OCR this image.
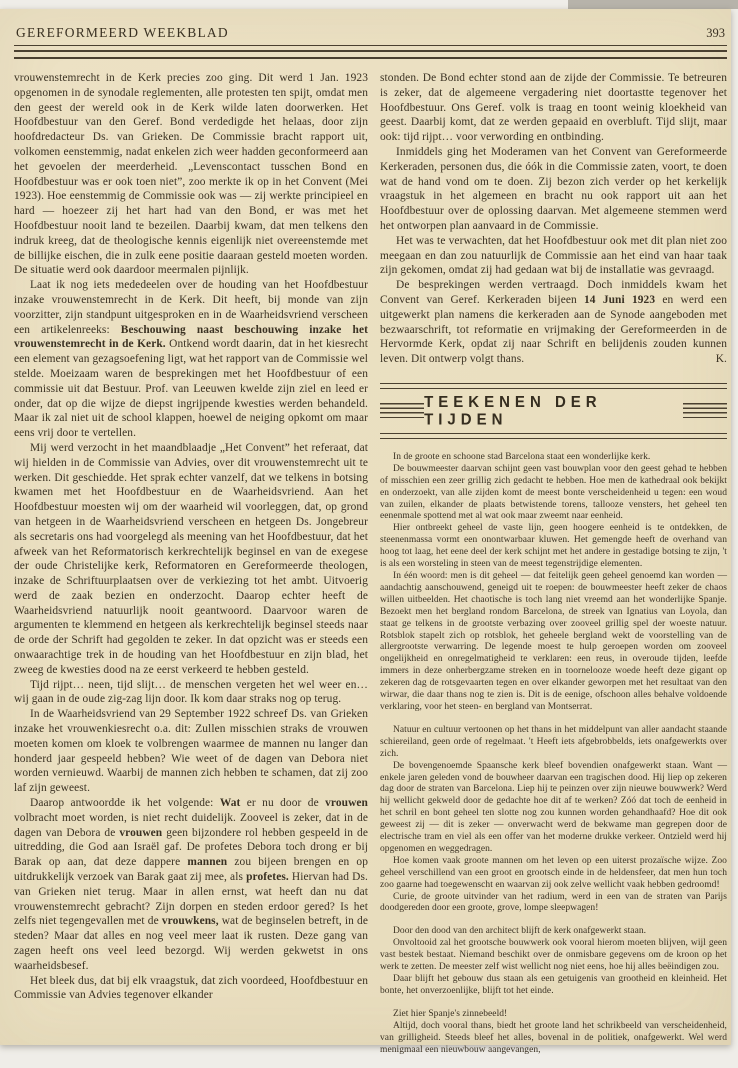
GEREFORMEERD WEEKBLAD	393

vrouwenstemrecht in de Kerk precies zoo ging. Dit werd 1 Jan. 1923 opgenomen in de synodale reglementen, alle protesten ten spijt, omdat men den geest der wereld ook in de Kerk wilde laten doorwerken. Het Hoofdbestuur van den Geref. Bond verdedigde het helaas, door zijn hoofdredacteur Ds. van Grieken. De Commissie bracht rapport uit, volkomen eenstemmig, nadat enkelen zich weer hadden geconformeerd aan het gevoelen der meerderheid. „Levenscontact tusschen Bond en Hoofdbestuur was er ook toen niet”, zoo merkte ik op in het Convent (Mei 1923). Hoe eenstemmig de Commissie ook was — zij werkte principieel en hard — hoezeer zij het hart had van den Bond, er was met het Hoofdbestuur nooit land te bezeilen. Daarbij kwam, dat men telkens den indruk kreeg, dat de theologische kennis eigenlijk niet overeenstemde met de billijke eischen, die in zulk eene positie daaraan gesteld moeten worden. De situatie werd ook daardoor meermalen pijnlijk.

Laat ik nog iets mededeelen over de houding van het Hoofdbestuur inzake vrouwenstemrecht in de Kerk. Dit heeft, bij monde van zijn voorzitter, zijn standpunt uitgesproken en in de Waarheidsvriend verscheen een artikelenreeks: Beschouwing naast beschouwing inzake het vrouwenstemrecht in de Kerk. Ontkend wordt daarin, dat in het kiesrecht een element van gezagsoefening ligt, wat het rapport van de Commissie wel stelde. Moeizaam waren de besprekingen met het Hoofdbestuur of een commissie uit dat Bestuur. Prof. van Leeuwen kwelde zijn ziel en leed er onder, dat op die wijze de diepst ingrijpende kwesties werden behandeld. Maar ik zal niet uit de school klappen, hoewel de neiging opkomt om maar eens vrij door te vertellen.

Mij werd verzocht in het maandblaadje „Het Convent” het referaat, dat wij hielden in de Commissie van Advies, over dit vrouwenstemrecht uit te werken. Dit geschiedde. Het sprak echter vanzelf, dat we telkens in botsing kwamen met het Hoofdbestuur en de Waarheidsvriend. Aan het Hoofdbestuur moesten wij om der waarheid wil voorleggen, dat, op grond van hetgeen in de Waarheidsvriend verscheen en hetgeen Ds. Jongebreur als secretaris ons had voorgelegd als meening van het Hoofdbestuur, dat het afweek van het Reformatorisch kerkrechtelijk beginsel en van de exegese der oude Christelijke kerk, Reformatoren en Gereformeerde theologen, inzake de Schriftuurplaatsen over de verkiezing tot het ambt. Uitvoerig werd de zaak bezien en onderzocht. Daarop echter heeft de Waarheidsvriend natuurlijk nooit geantwoord. Daarvoor waren de argumenten te klemmend en hetgeen als kerkrechtelijk beginsel steeds naar de orde der Schrift had gegolden te zeker. In dat opzicht was er steeds een onwaarachtige trek in de houding van het Hoofdbestuur en zijn blad, het zweeg de kwesties dood na ze eerst verkeerd te hebben gesteld.

Tijd rijpt… neen, tijd slijt… de menschen vergeten het wel weer en… wij gaan in de oude zig-zag lijn door. Ik kom daar straks nog op terug.

In de Waarheidsvriend van 29 September 1922 schreef Ds. van Grieken inzake het vrouwenkiesrecht o.a. dit: Zullen misschien straks de vrouwen moeten komen om kloek te volbrengen waarmee de mannen nu langer dan honderd jaar gespeeld hebben? Wie weet of de dagen van Debora niet worden vernieuwd. Waarbij de mannen zich hebben te schamen, dat zij zoo laf zijn geweest.

Daarop antwoordde ik het volgende: Wat er nu door de vrouwen volbracht moet worden, is niet recht duidelijk. Zooveel is zeker, dat in de dagen van Debora de vrouwen geen bijzondere rol hebben gespeeld in de uitredding, die God aan Israël gaf. De profetes Debora toch drong er bij Barak op aan, dat deze dappere mannen zou bijeen brengen en op uitdrukkelijk verzoek van Barak gaat zij mee, als profetes. Hiervan had Ds. van Grieken niet terug. Maar in allen ernst, wat heeft dan nu dat vrouwenstemrecht gebracht? Zijn dorpen en steden erdoor gered? Is het zelfs niet tegengevallen met de vrouwkens, wat de beginselen betreft, in de steden? Maar dat alles en nog veel meer laat ik rusten. Deze gang van zagen heeft ons veel leed bezorgd. Wij werden gekwetst in ons waarheidsbesef.

Het bleek dus, dat bij elk vraagstuk, dat zich voordeed, Hoofdbestuur en Commissie van Advies tegenover elkander

stonden. De Bond echter stond aan de zijde der Commissie. Te betreuren is zeker, dat de algemeene vergadering niet doortastte tegenover het Hoofdbestuur. Ons Geref. volk is traag en toont weinig kloekheid van geest. Daarbij komt, dat ze werden gepaaid en overbluft. Tijd slijt, maar ook: tijd rijpt… voor verwording en ontbinding.

Inmiddels ging het Moderamen van het Convent van Gereformeerde Kerkeraden, personen dus, die óók in die Commissie zaten, voort, te doen wat de hand vond om te doen. Zij bezon zich verder op het kerkelijk vraagstuk in het algemeen en bracht nu ook rapport uit aan het Hoofdbestuur over de oplossing daarvan. Met algemeene stemmen werd het ontworpen plan aanvaard in de Commissie.

Het was te verwachten, dat het Hoofdbestuur ook met dit plan niet zoo meegaan en dan zou natuurlijk de Commissie aan het eind van haar taak zijn gekomen, omdat zij had gedaan wat bij de installatie was gevraagd.

De besprekingen werden vertraagd. Doch inmiddels kwam het Convent van Geref. Kerkeraden bijeen 14 Juni 1923 en werd een uitgewerkt plan namens die kerkeraden aan de Synode aangeboden met bezwaarschrift, tot reformatie en vrijmaking der Gereformeerden in de Hervormde Kerk, opdat zij naar Schrift en belijdenis zouden kunnen leven. Dit ontwerp volgt thans.	K.

TEEKENEN DER TIJDEN

In de groote en schoone stad Barcelona staat een wonderlijke kerk.

De bouwmeester daarvan schijnt geen vast bouwplan voor den geest gehad te hebben of misschien een zeer grillig zich gedacht te hebben. Hoe men de kathedraal ook bekijkt en onderzoekt, van alle zijden komt de meest bonte verscheidenheid u tegen: een woud van zuilen, elkander de plaats betwistende torens, tallooze vensters, het geheel ten eenenmale spottend met al wat ook maar zweemt naar eenheid.

Hier ontbreekt geheel de vaste lijn, geen hoogere eenheid is te ontdekken, de steenenmassa vormt een onontwarbaar kluwen. Het gemengde heeft de overhand van hoog tot laag, het eene deel der kerk schijnt met het andere in gestadige botsing te zijn, 't is als een worsteling in steen van de meest tegenstrijdige elementen.

In één woord: men is dit geheel — dat feitelijk geen geheel genoemd kan worden — aandachtig aanschouwend, geneigd uit te roepen: de bouwmeester heeft zeker de chaos willen uitbeelden. Het chaotische is toch lang niet vreemd aan het wonderlijke Spanje. Bezoekt men het bergland rondom Barcelona, de streek van Ignatius van Loyola, dan staat ge telkens in de grootste verbazing over zooveel grillig spel der woeste natuur. Rotsblok stapelt zich op rotsblok, het geheele bergland wekt de voorstelling van de allergrootste verwarring. De legende moest te hulp geroepen worden om zooveel ongelijkheid en onregelmatigheid te verklaren: een reus, in overoude tijden, leefde immers in deze onherbergzame streken en in toornelooze woede heeft deze gigant op zekeren dag de rotsgevaarten tegen en over elkander geworpen met het resultaat van den wirwar, die daar thans nog te zien is. Dit is de eenige, ofschoon alles behalve voldoende verklaring, voor het steen- en bergland van Montserrat.

Natuur en cultuur vertoonen op het thans in het middelpunt van aller aandacht staande schiereiland, geen orde of regelmaat. 't Heeft iets afgebrobbelds, iets onafgewerkts over zich.

De bovengenoemde Spaansche kerk bleef bovendien onafgewerkt staan. Want — enkele jaren geleden vond de bouwheer daarvan een tragischen dood. Hij liep op zekeren dag door de straten van Barcelona. Liep hij te peinzen over zijn nieuwe bouwwerk? Werd hij wellicht gekweld door de gedachte hoe dit af te werken? Zóó dat toch de eenheid in het schril en bont geheel ten slotte nog zou kunnen worden gehandhaafd? Hoe dit ook geweest zij — dit is zeker — onverwacht werd de bekwame man gegrepen door de electrische tram en viel als een offer van het moderne drukke verkeer. Ontzield werd hij opgenomen en weggedragen.

Hoe komen vaak groote mannen om het leven op een uiterst prozaïsche wijze. Zoo geheel verschillend van een groot en grootsch einde in de heldensfeer, dat men hun toch zoo gaarne had toegewenscht en waarvan zij ook zelve wellicht vaak hebben gedroomd!

Curie, de groote uitvinder van het radium, werd in een van de straten van Parijs doodgereden door een groote, grove, lompe sleepwagen!

Door den dood van den architect blijft de kerk onafgewerkt staan.

Onvoltooid zal het grootsche bouwwerk ook vooral hierom moeten blijven, wijl geen vast bestek bestaat. Niemand beschikt over de onmisbare gegevens om de kroon op het werk te zetten. De meester zelf wist wellicht nog niet eens, hoe hij alles beëindigen zou.

Daar blijft het gebouw dus staan als een getuigenis van grootheid en kleinheid. Het bonte, het onverzoenlijke, blijft tot het einde.

Ziet hier Spanje's zinnebeeld!

Altijd, doch vooral thans, biedt het groote land het schrikbeeld van verscheidenheid, van grilligheid. Steeds bleef het alles, bovenal in de politiek, onafgewerkt. Wel werd menigmaal een nieuwbouw aangevangen,
